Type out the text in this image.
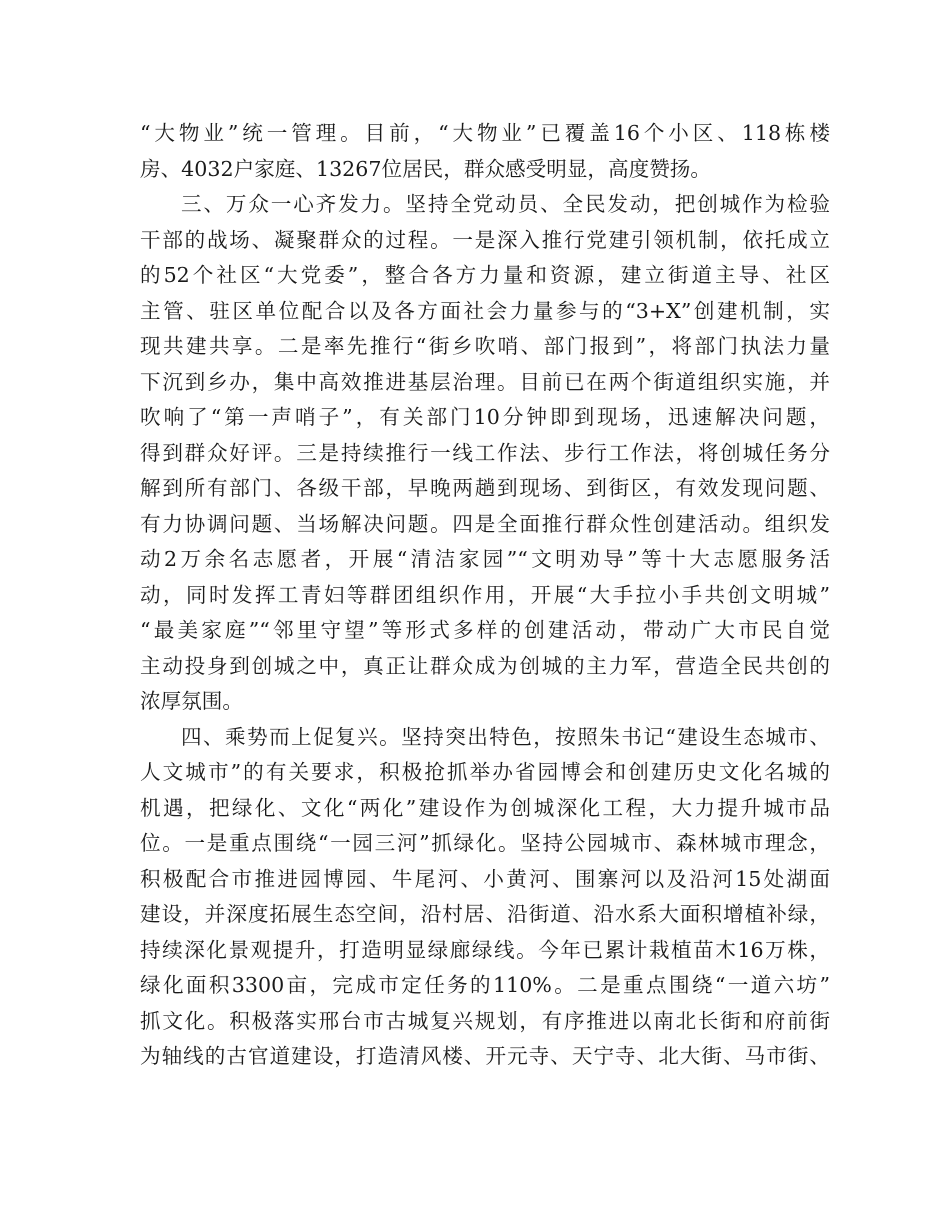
“大物业”统一管理。目前，“大物业”已覆盖16个小区、118栋楼
房、4032户家庭、13267位居民，群众感受明显，高度赞扬。
三、万众一心齐发力。坚持全党动员、全民发动，把创城作为检验
干部的战场、凝聚群众的过程。一是深入推行党建引领机制，依托成立
的52个社区“大党委”，整合各方力量和资源，建立街道主导、社区
主管、驻区单位配合以及各方面社会力量参与的“3+X”创建机制，实
现共建共享。二是率先推行“街乡吹哨、部门报到”，将部门执法力量
下沉到乡办，集中高效推进基层治理。目前已在两个街道组织实施，并
吹响了“第一声哨子”，有关部门10分钟即到现场，迅速解决问题，
得到群众好评。三是持续推行一线工作法、步行工作法，将创城任务分
解到所有部门、各级干部，早晚两趟到现场、到街区，有效发现问题、
有力协调问题、当场解决问题。四是全面推行群众性创建活动。组织发
动2万余名志愿者，开展“清洁家园”“文明劝导”等十大志愿服务活
动，同时发挥工青妇等群团组织作用，开展“大手拉小手共创文明城”
“最美家庭”“邻里守望”等形式多样的创建活动，带动广大市民自觉
主动投身到创城之中，真正让群众成为创城的主力军，营造全民共创的
浓厚氛围。
四、乘势而上促复兴。坚持突出特色，按照朱书记“建设生态城市、
人文城市”的有关要求，积极抢抓举办省园博会和创建历史文化名城的
机遇，把绿化、文化“两化”建设作为创城深化工程，大力提升城市品
位。一是重点围绕“一园三河”抓绿化。坚持公园城市、森林城市理念，
积极配合市推进园博园、牛尾河、小黄河、围寨河以及沿河15处湖面
建设，并深度拓展生态空间，沿村居、沿街道、沿水系大面积增植补绿，
持续深化景观提升，打造明显绿廊绿线。今年已累计栽植苗木16万株，
绿化面积3300亩，完成市定任务的110%。二是重点围绕“一道六坊”
抓文化。积极落实邢台市古城复兴规划，有序推进以南北长街和府前街
为轴线的古官道建设，打造清风楼、开元寺、天宁寺、北大街、马市街、
